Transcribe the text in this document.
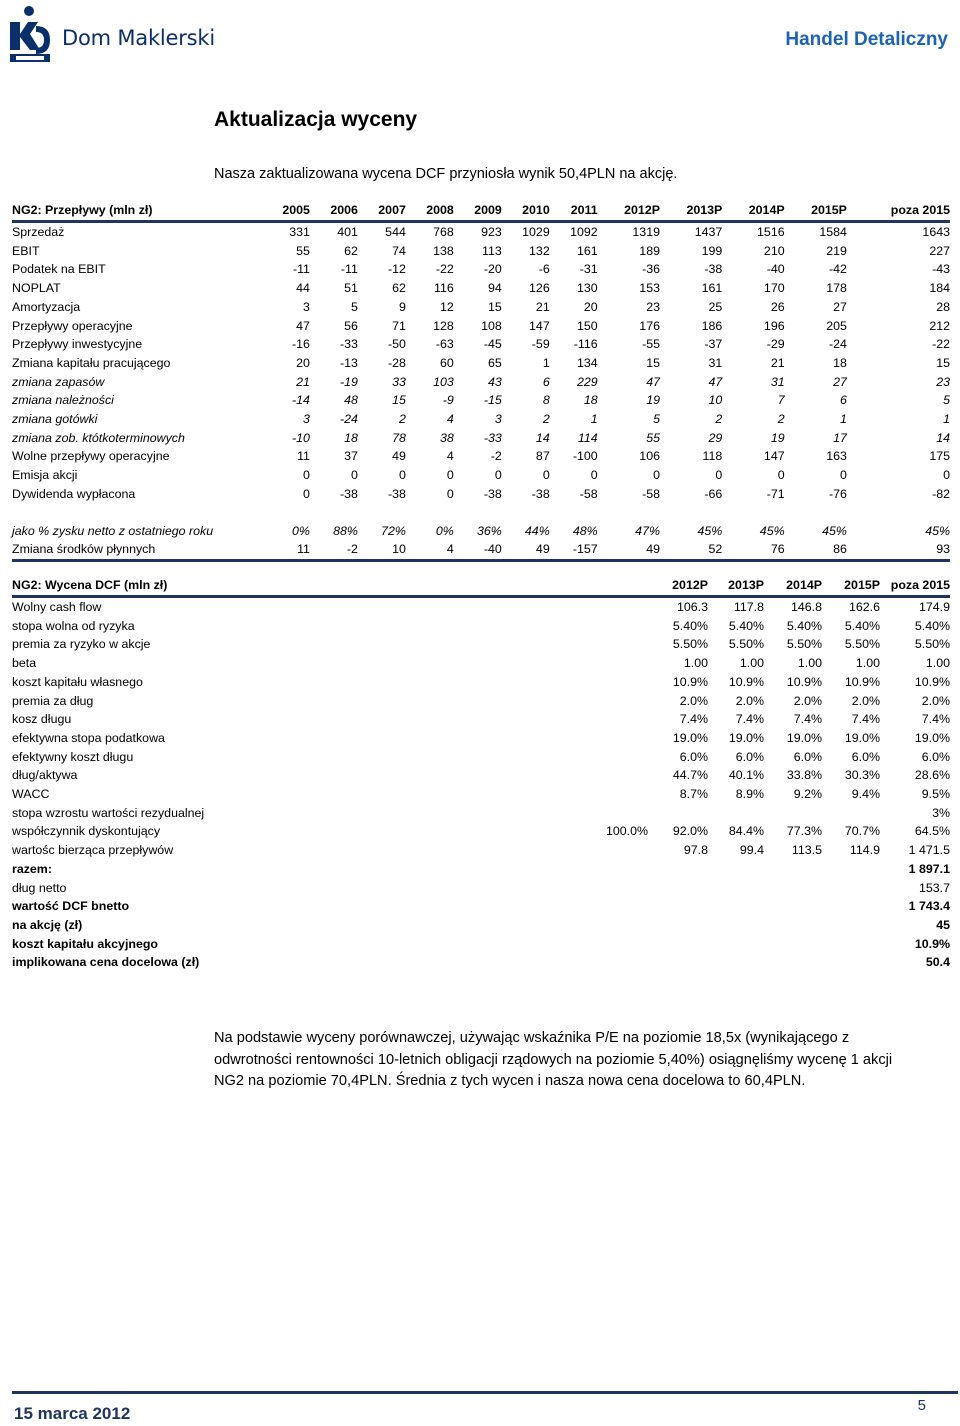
Dom Maklerski	Handel Detaliczny
Aktualizacja wyceny
Nasza zaktualizowana wycena DCF przyniosła wynik 50,4PLN na akcję.
NG2: Przepływy (mln zł)	2005	2006	2007	2008	2009	2010	2011	2012P	2013P	2014P	2015P	poza 2015
Sprzedaż	331	401	544	768	923	1029	1092	1319	1437	1516	1584	1643
EBIT	55	62	74	138	113	132	161	189	199	210	219	227
Podatek na EBIT	-11	-11	-12	-22	-20	-6	-31	-36	-38	-40	-42	-43
NOPLAT	44	51	62	116	94	126	130	153	161	170	178	184
Amortyzacja	3	5	9	12	15	21	20	23	25	26	27	28
Przepływy operacyjne	47	56	71	128	108	147	150	176	186	196	205	212
Przepływy inwestycyjne	-16	-33	-50	-63	-45	-59	-116	-55	-37	-29	-24	-22
Zmiana kapitału pracującego	20	-13	-28	60	65	1	134	15	31	21	18	15
zmiana zapasów	21	-19	33	103	43	6	229	47	47	31	27	23
zmiana należności	-14	48	15	-9	-15	8	18	19	10	7	6	5
zmiana gotówki	3	-24	2	4	3	2	1	5	2	2	1	1
zmiana zob. któtkoterminowych	-10	18	78	38	-33	14	114	55	29	19	17	14
Wolne przepływy operacyjne	11	37	49	4	-2	87	-100	106	118	147	163	175
Emisja akcji	0	0	0	0	0	0	0	0	0	0	0	0
Dywidenda wypłacona	0	-38	-38	0	-38	-38	-58	-58	-66	-71	-76	-82

jako % zysku netto z ostatniego roku	0%	88%	72%	0%	36%	44%	48%	47%	45%	45%	45%	45%
Zmiana środków płynnych	11	-2	10	4	-40	49	-157	49	52	76	86	93
NG2: Wycena DCF (mln zł)		2012P	2013P	2014P	2015P	poza 2015
Wolny cash flow		106.3	117.8	146.8	162.6	174.9
stopa wolna od ryzyka		5.40%	5.40%	5.40%	5.40%	5.40%
premia za ryzyko w akcje		5.50%	5.50%	5.50%	5.50%	5.50%
beta		1.00	1.00	1.00	1.00	1.00
koszt kapitału własnego		10.9%	10.9%	10.9%	10.9%	10.9%
premia za dług		2.0%	2.0%	2.0%	2.0%	2.0%
kosz długu		7.4%	7.4%	7.4%	7.4%	7.4%
efektywna stopa podatkowa		19.0%	19.0%	19.0%	19.0%	19.0%
efektywny koszt długu		6.0%	6.0%	6.0%	6.0%	6.0%
dług/aktywa		44.7%	40.1%	33.8%	30.3%	28.6%
WACC		8.7%	8.9%	9.2%	9.4%	9.5%
stopa wzrostu wartości rezydualnej						3%
współczynnik dyskontujący	100.0%	92.0%	84.4%	77.3%	70.7%	64.5%
wartośc bierząca przepływów		97.8	99.4	113.5	114.9	1 471.5
razem:						1 897.1
dług netto						153.7
wartość DCF bnetto						1 743.4
na akcję (zł)						45
koszt kapitału akcyjnego						10.9%
implikowana cena docelowa (zł)						50.4
Na podstawie wyceny porównawczej, używając wskaźnika P/E na poziomie 18,5x (wynikającego z odwrotności rentowności 10-letnich obligacji rządowych na poziomie 5,40%) osiągnęliśmy wycenę 1 akcji NG2 na poziomie 70,4PLN. Średnia z tych wycen i nasza nowa cena docelowa to 60,4PLN.
15 marca 2012	5
